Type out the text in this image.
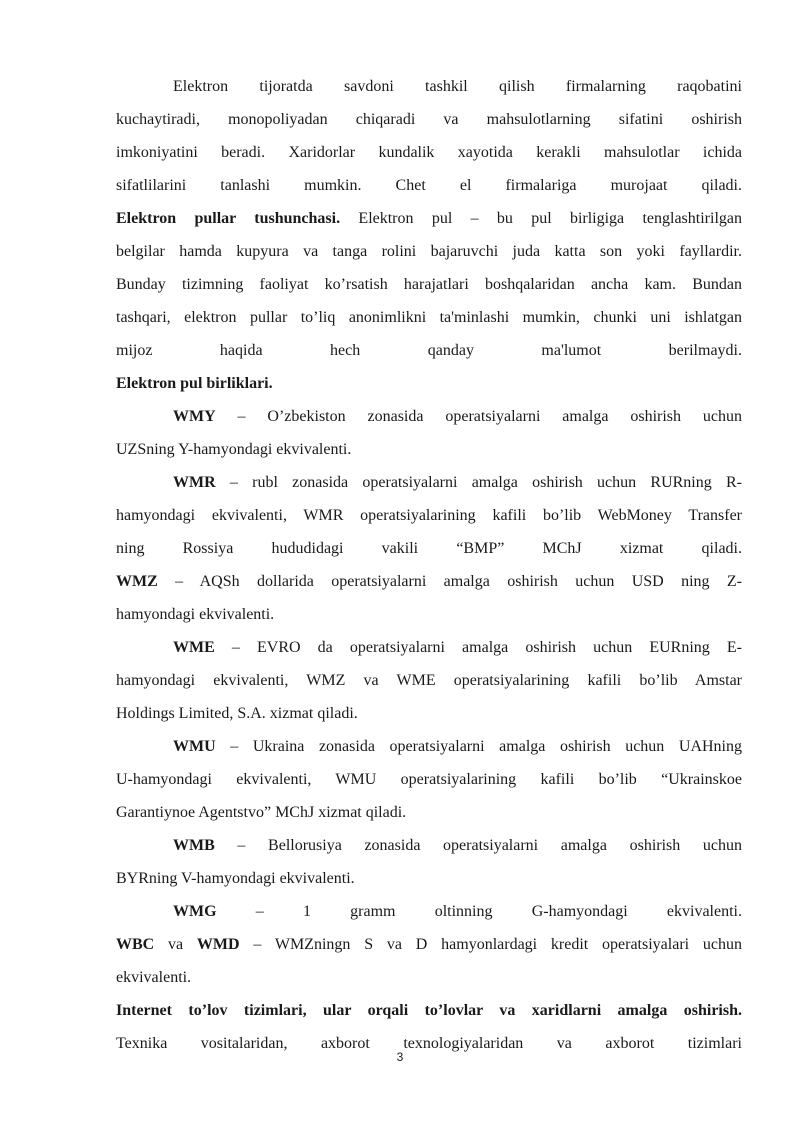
Elektron tijoratda savdoni tashkil qilish firmalarning raqobatini
kuchaytiradi, monopoliyadan chiqaradi va mahsulotlarning sifatini oshirish
imkoniyatini beradi. Xaridorlar kundalik xayotida kerakli mahsulotlar ichida
sifatlilarini tanlashi mumkin. Chet el firmalariga murojaat qiladi.
Elektron pullar tushunchasi. Elektron pul – bu pul birligiga tenglashtirilgan
belgilar hamda kupyura va tanga rolini bajaruvchi juda katta son yoki fayllardir.
Bunday tizimning faoliyat ko’rsatish harajatlari boshqalaridan ancha kam. Bundan
tashqari, elektron pullar to’liq anonimlikni ta'minlashi mumkin, chunki uni ishlatgan
mijoz haqida hech qanday ma'lumot berilmaydi.
Elektron pul birliklari.
WMY – O’zbekiston zonasida operatsiyalarni amalga oshirish uchun
UZSning Y-hamyondagi ekvivalenti.
WMR – rubl zonasida operatsiyalarni amalga oshirish uchun RURning R-
hamyondagi ekvivalenti, WMR operatsiyalarining kafili bo’lib WebMoney Transfer
ning Rossiya hududidagi vakili “BMP” MChJ xizmat qiladi.
WMZ – AQSh dollarida operatsiyalarni amalga oshirish uchun USD ning Z-
hamyondagi ekvivalenti.
WME – EVRO da operatsiyalarni amalga oshirish uchun EURning E-
hamyondagi ekvivalenti, WMZ va WME operatsiyalarining kafili bo’lib Amstar
Holdings Limited, S.A. xizmat qiladi.
WMU – Ukraina zonasida operatsiyalarni amalga oshirish uchun UAHning
U-hamyondagi ekvivalenti, WMU operatsiyalarining kafili bo’lib “Ukrainskoe
Garantiynoe Agentstvo” MChJ xizmat qiladi.
WMB – Bellorusiya zonasida operatsiyalarni amalga oshirish uchun
BYRning V-hamyondagi ekvivalenti.
WMG – 1 gramm oltinning G-hamyondagi ekvivalenti.
WBC va WMD – WMZningn S va D hamyonlardagi kredit operatsiyalari uchun
ekvivalenti.
Internet to’lov tizimlari, ular orqali to’lovlar va xaridlarni amalga oshirish.
Texnika vositalaridan, axborot texnologiyalaridan va axborot tizimlari
3
